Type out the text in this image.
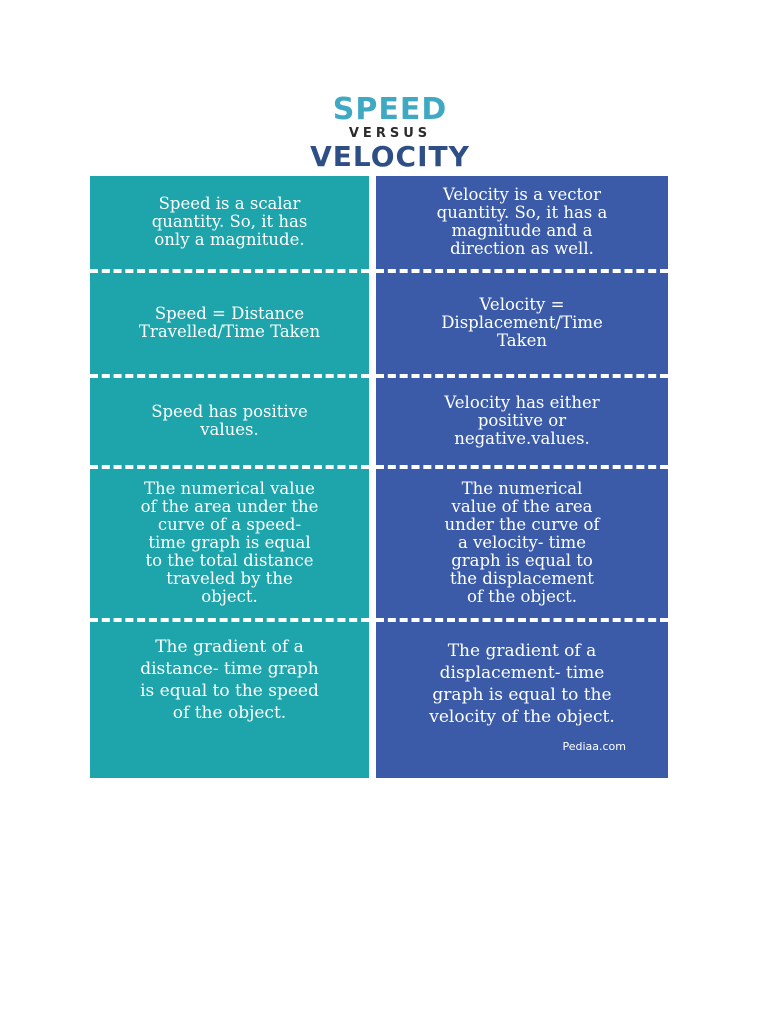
SPEED
VERSUS
VELOCITY
Speed is a scalar
quantity. So, it has
only a magnitude.
Speed = Distance
Travelled/Time Taken
Speed has positive
values.
The numerical value
of the area under the
curve of a speed-
time graph is equal
to the total distance
traveled by the
object.
The gradient of a
distance- time graph
is equal to the speed
of the object.
Velocity is a vector
quantity. So, it has a
magnitude and a
direction as well.
Velocity =
Displacement/Time
Taken
Velocity has either
positive or
negative.values.
The numerical
value of the area
under the curve of
a velocity- time
graph is equal to
the displacement
of the object.
The gradient of a
displacement- time
graph is equal to the
velocity of the object.
Pediaa.com
